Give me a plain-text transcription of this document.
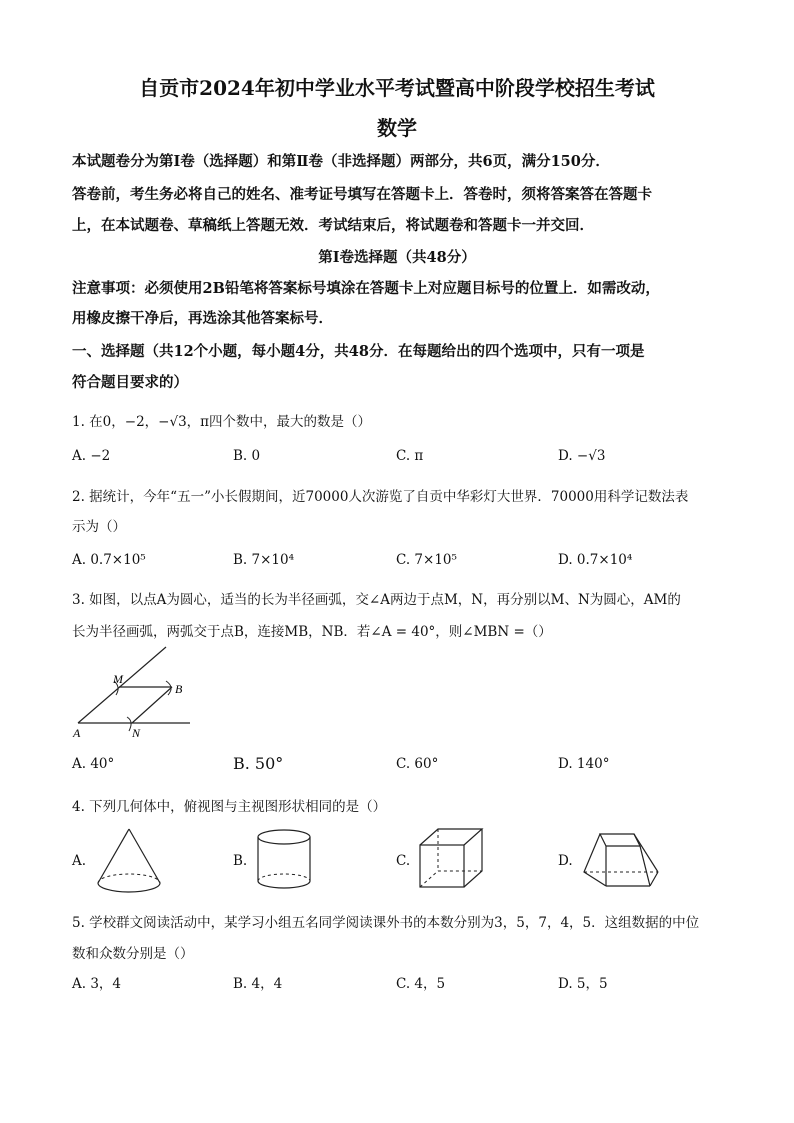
自贡市2024年初中学业水平考试暨高中阶段学校招生考试
数学
本试题卷分为第Ⅰ卷（选择题）和第Ⅱ卷（非选择题）两部分，共6页，满分150分．
答卷前，考生务必将自己的姓名、准考证号填写在答题卡上．答卷时，须将答案答在答题卡
上，在本试题卷、草稿纸上答题无效．考试结束后，将试题卷和答题卡一并交回．
第Ⅰ卷选择题（共48分）
注意事项：必须使用2B铅笔将答案标号填涂在答题卡上对应题目标号的位置上．如需改动，
用橡皮擦干净后，再选涂其他答案标号．
一、选择题（共12个小题，每小题4分，共48分．在每题给出的四个选项中，只有一项是
符合题目要求的）
1. 在0，−2，−√3，π四个数中，最大的数是（）
A. −2	B. 0	C. π	D. −√3
2. 据统计，今年“五一”小长假期间，近70000人次游览了自贡中华彩灯大世界．70000用科学记数法表
示为（）
A. 0.7×10⁵	B. 7×10⁴	C. 7×10⁵	D. 0.7×10⁴
3. 如图，以点A为圆心，适当的长为半径画弧，交∠A两边于点M，N，再分别以M、N为圆心，AM的
长为半径画弧，两弧交于点B，连接MB，NB．若∠A = 40°，则∠MBN =（）
M
B
A	N
A. 40°	B. 50°	C. 60°	D. 140°
4. 下列几何体中，俯视图与主视图形状相同的是（）
A.	B.	C.	D.
5. 学校群文阅读活动中，某学习小组五名同学阅读课外书的本数分别为3，5，7，4，5．这组数据的中位
数和众数分别是（）
A. 3，4	B. 4，4	C. 4，5	D. 5，5
